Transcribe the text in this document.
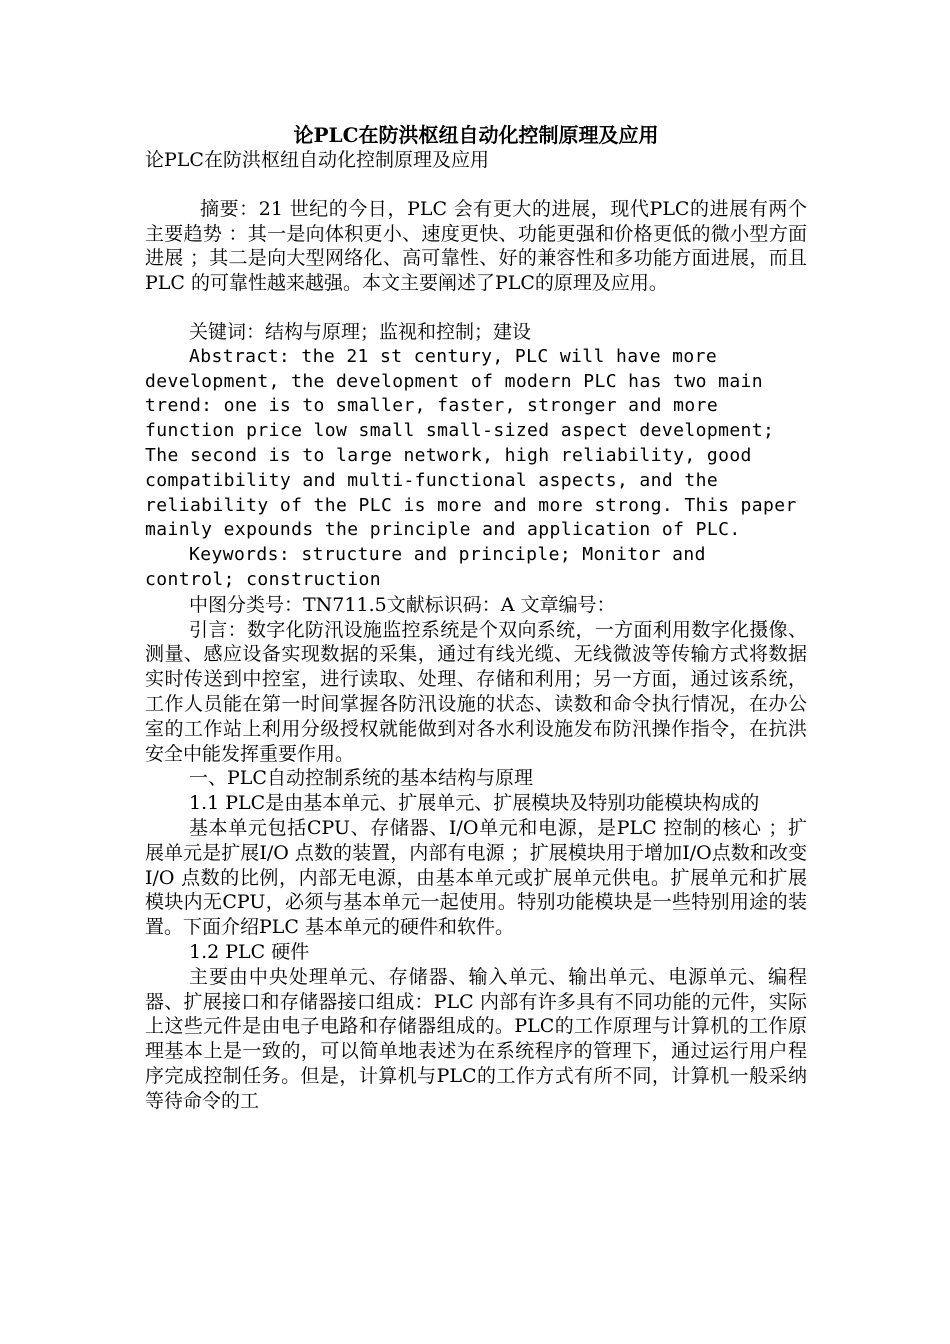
论PLC在防洪枢纽自动化控制原理及应用

论PLC在防洪枢纽自动化控制原理及应用

摘要：21 世纪的今日，PLC 会有更大的进展，现代PLC的进展有两个主要趋势 ：其一是向体积更小、速度更快、功能更强和价格更低的微小型方面进展 ；其二是向大型网络化、高可靠性、好的兼容性和多功能方面进展，而且PLC 的可靠性越来越强。本文主要阐述了PLC的原理及应用。

关键词：结构与原理；监视和控制；建设

Abstract: the 21 st century, PLC will have more development, the development of modern PLC has two main trend: one is to smaller, faster, stronger and more function price low small small-sized aspect development; The second is to large network, high reliability, good compatibility and multi-functional aspects, and the reliability of the PLC is more and more strong. This paper mainly expounds the principle and application of PLC.

Keywords: structure and principle; Monitor and control; construction

中图分类号：TN711.5文献标识码：A 文章编号：

引言：数字化防汛设施监控系统是个双向系统，一方面利用数字化摄像、测量、感应设备实现数据的采集，通过有线光缆、无线微波等传输方式将数据实时传送到中控室，进行读取、处理、存储和利用；另一方面，通过该系统，工作人员能在第一时间掌握各防汛设施的状态、读数和命令执行情况，在办公室的工作站上利用分级授权就能做到对各水利设施发布防汛操作指令，在抗洪安全中能发挥重要作用。

一、PLC自动控制系统的基本结构与原理

1.1 PLC是由基本单元、扩展单元、扩展模块及特别功能模块构成的

基本单元包括CPU、存储器、I/O单元和电源，是PLC 控制的核心 ；扩展单元是扩展I/O 点数的装置，内部有电源 ；扩展模块用于增加I/O点数和改变I/O 点数的比例，内部无电源，由基本单元或扩展单元供电。扩展单元和扩展模块内无CPU，必须与基本单元一起使用。特别功能模块是一些特别用途的装置。下面介绍PLC 基本单元的硬件和软件。

1.2 PLC 硬件

主要由中央处理单元、存储器、输入单元、输出单元、电源单元、编程器、扩展接口和存储器接口组成：PLC 内部有许多具有不同功能的元件，实际上这些元件是由电子电路和存储器组成的。PLC的工作原理与计算机的工作原理基本上是一致的，可以简单地表述为在系统程序的管理下，通过运行用户程序完成控制任务。但是，计算机与PLC的工作方式有所不同，计算机一般采纳等待命令的工
